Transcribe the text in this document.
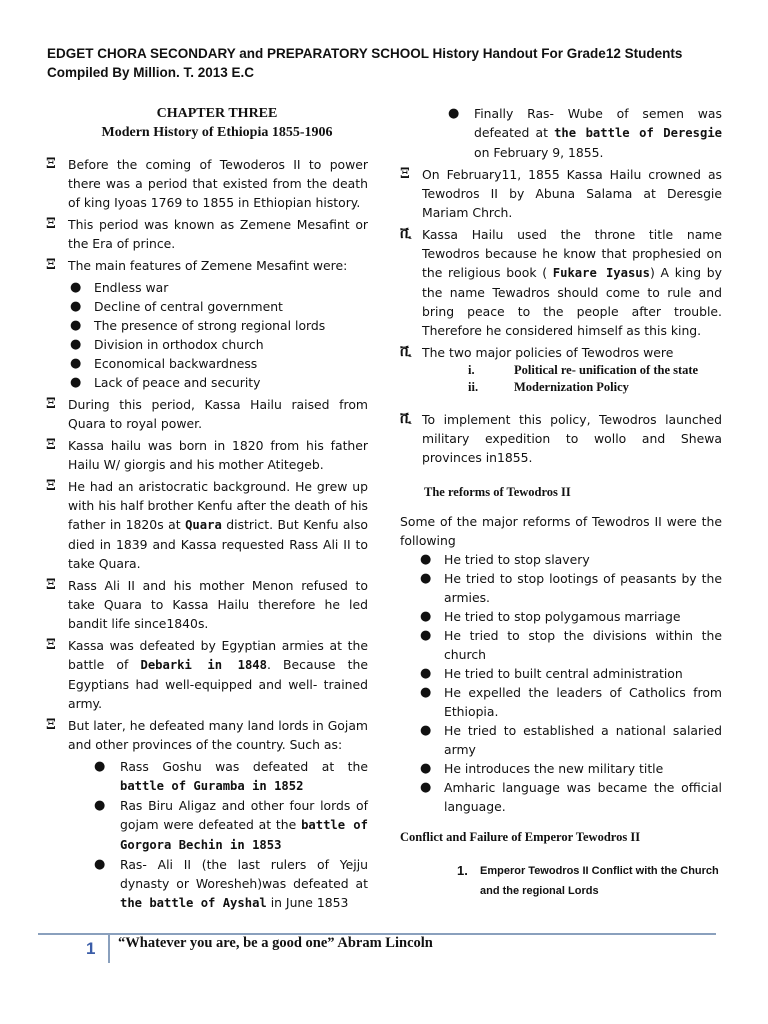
EDGET CHORA SECONDARY and PREPARATORY SCHOOL History Handout For Grade12 Students
Compiled By Million. T. 2013 E.C
CHAPTER THREE
Modern History of Ethiopia 1855-1906
Ξ Before the coming of Tewoderos II to power there was a period that existed from the death of king Iyoas 1769 to 1855 in Ethiopian history.
Ξ This period was known as Zemene Mesafint or the Era of prince.
Ξ The main features of Zemene Mesafint were:
● Endless war
● Decline of central government
● The presence of strong regional lords
● Division in orthodox church
● Economical backwardness
● Lack of peace and security
Ξ During this period, Kassa Hailu raised from Quara to royal power.
Ξ Kassa hailu was born in 1820 from his father Hailu W/ giorgis and his mother Atitegeb.
Ξ He had an aristocratic background. He grew up with his half brother Kenfu after the death of his father in 1820s at Quara district. But Kenfu also died in 1839 and Kassa requested Rass Ali II to take Quara.
Ξ Rass Ali II and his mother Menon refused to take Quara to Kassa Hailu therefore he led bandit life since1840s.
Ξ Kassa was defeated by Egyptian armies at the battle of Debarki in 1848. Because the Egyptians had well-equipped and well- trained army.
Ξ But later, he defeated many land lords in Gojam and other provinces of the country. Such as:
● Rass Goshu was defeated at the battle of Guramba in 1852
● Ras Biru Aligaz and other four lords of gojam were defeated at the battle of Gorgora Bechin in 1853
● Ras- Ali II (the last rulers of Yejju dynasty or Woresheh)was defeated at the battle of Ayshal in June 1853
● Finally Ras- Wube of semen was defeated at the battle of Deresgie on February 9, 1855.
Ξ On February11, 1855 Kassa Hailu crowned as Tewodros II by Abuna Salama at Deresgie Mariam Chrch.
ቪ Kassa Hailu used the throne title name Tewodros because he know that prophesied on the religious book ( Fukare Iyasus) A king by the name Tewadros should come to rule and bring peace to the people after trouble. Therefore he considered himself as this king.
ቪ The two major policies of Tewodros were
i.	Political re- unification of the state
ii.	Modernization Policy
ቪ To implement this policy, Tewodros launched military expedition to wollo and Shewa provinces in1855.
The reforms of Tewodros II
Some of the major reforms of Tewodros II were the following
● He tried to stop slavery
● He tried to stop lootings of peasants by the armies.
● He tried to stop polygamous marriage
● He tried to stop the divisions within the church
● He tried to built central administration
● He expelled the leaders of Catholics from Ethiopia.
● He tried to established a national salaried army
● He introduces the new military title
● Amharic language was became the official language.
Conflict and Failure of Emperor Tewodros II
1. Emperor Tewodros II Conflict with the Church and the regional Lords
1 “Whatever you are, be a good one” Abram Lincoln
